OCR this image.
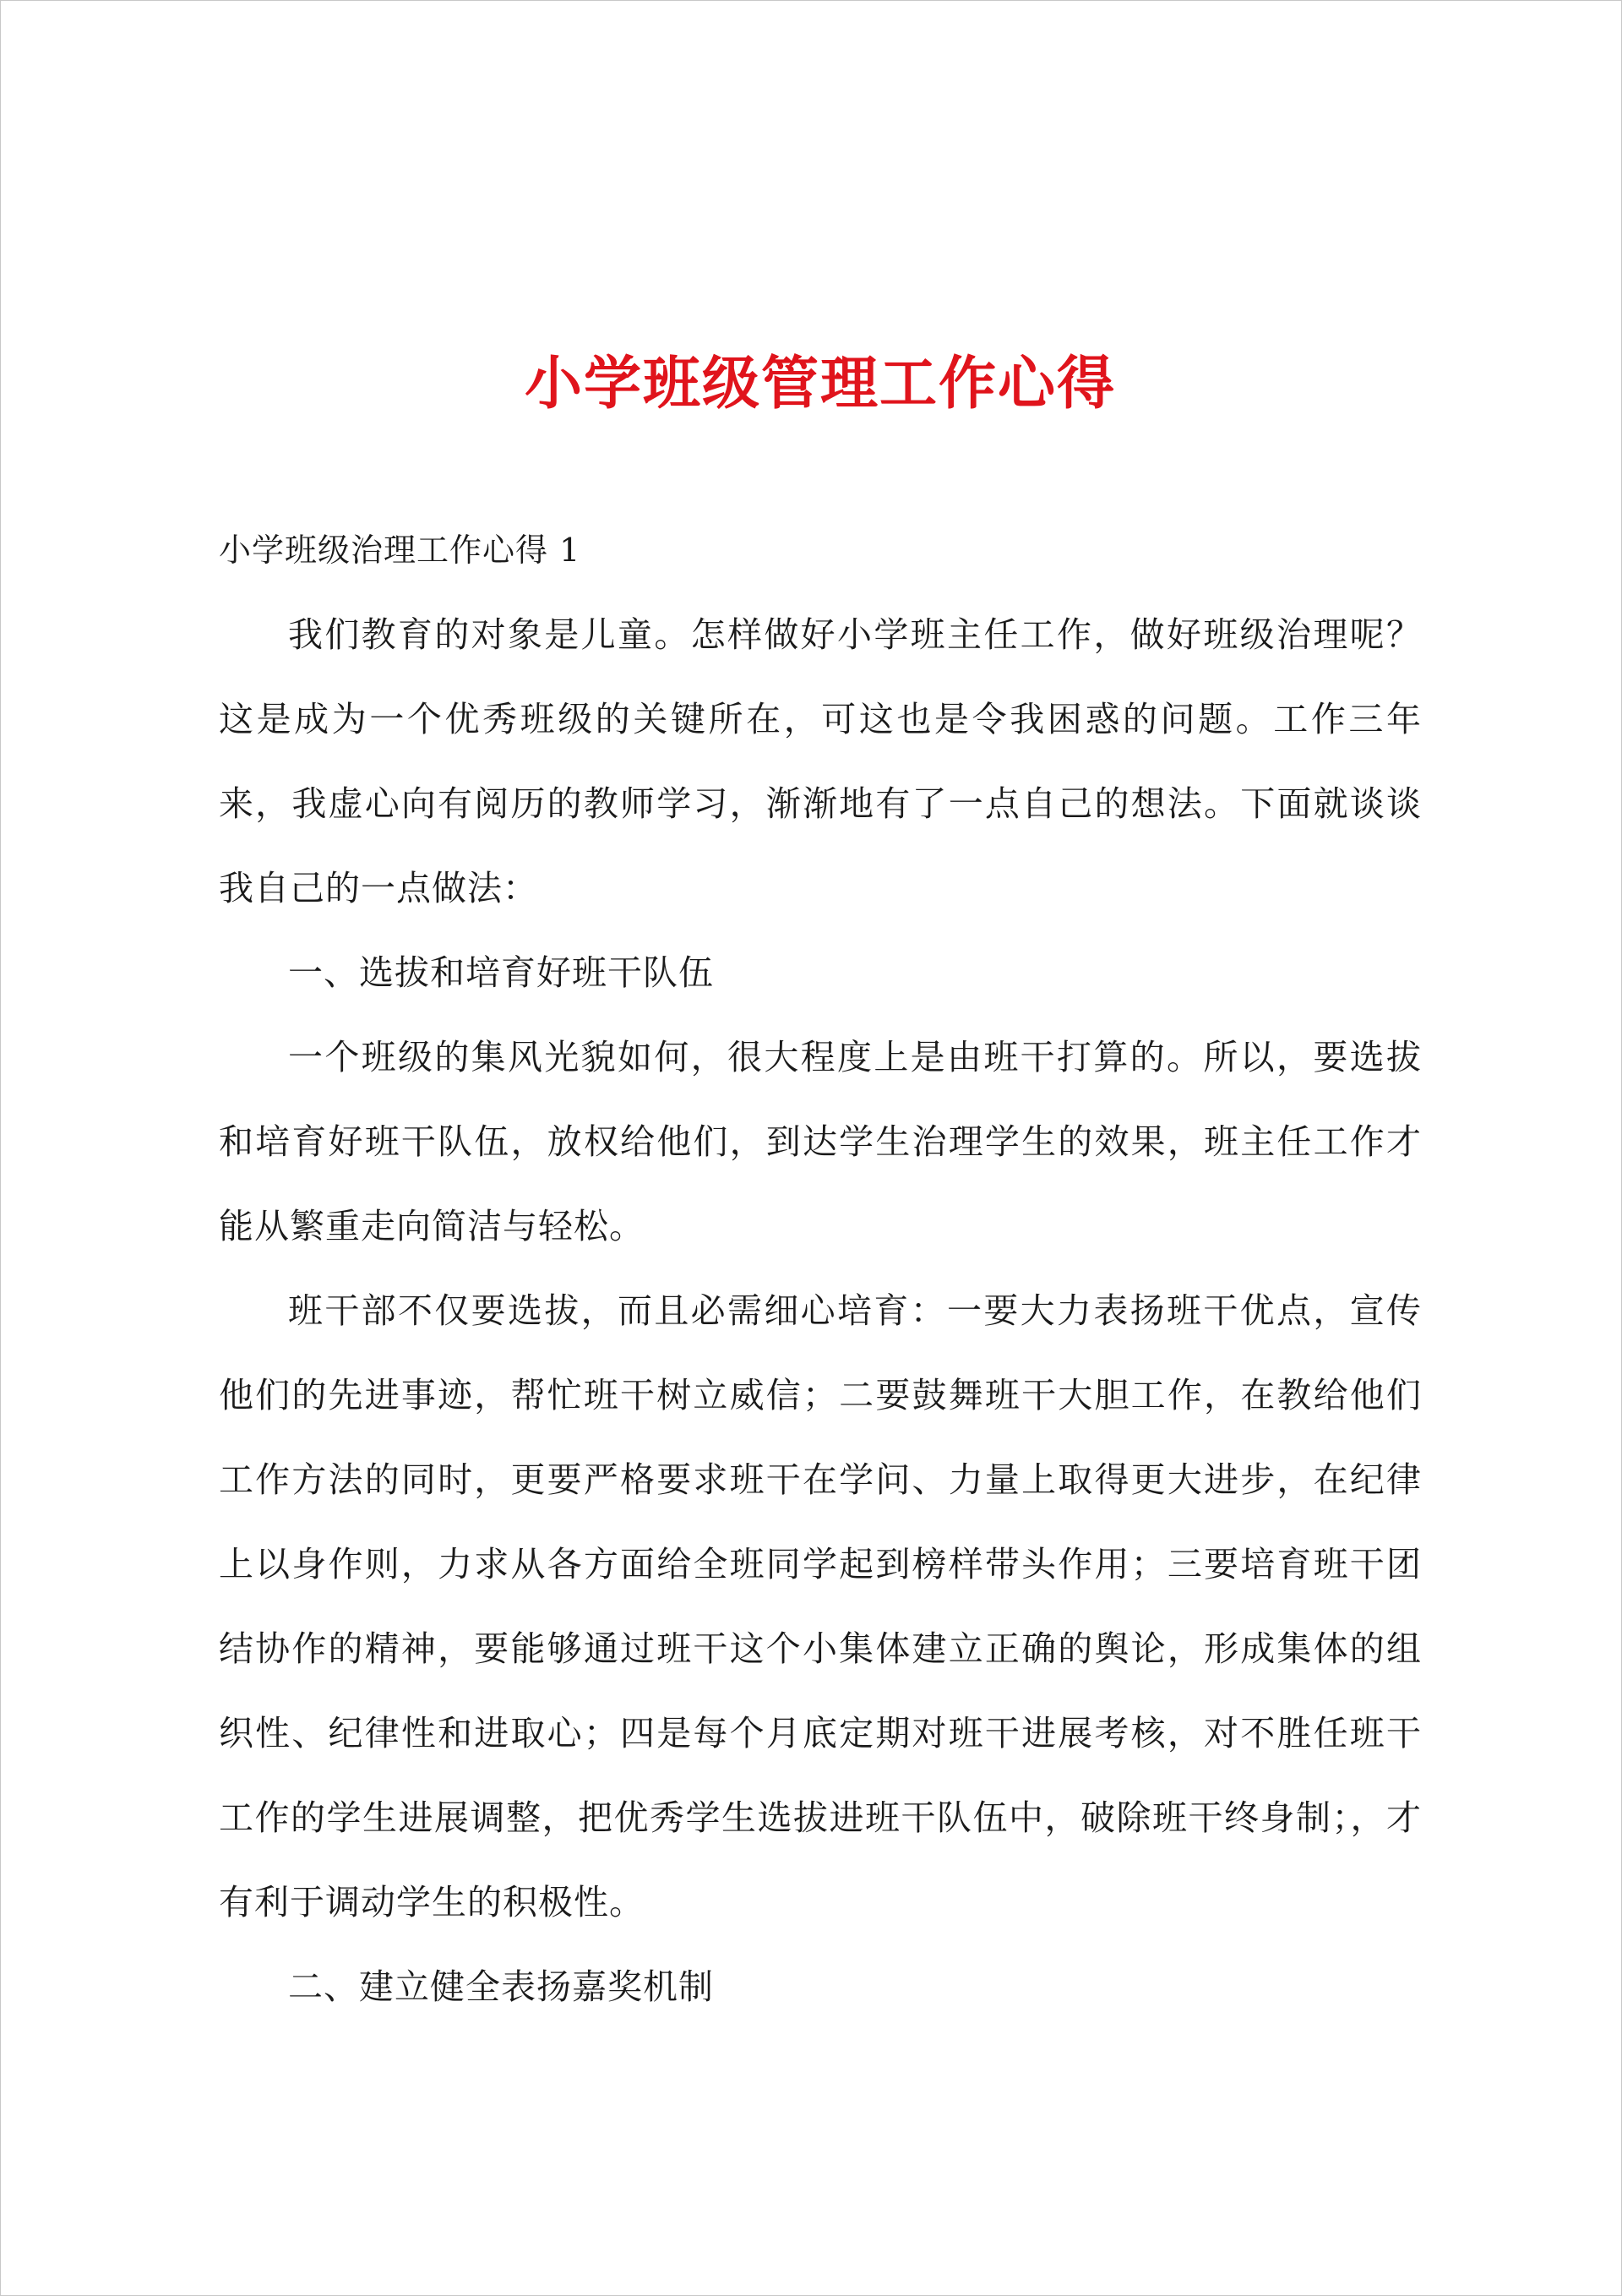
小学班级管理工作心得
小学班级治理工作心得 1

我们教育的对象是儿童。怎样做好小学班主任工作，做好班级治理呢？这是成为一个优秀班级的关键所在，可这也是令我困惑的问题。工作三年来，我虚心向有阅历的教师学习，渐渐地有了一点自己的想法。下面就谈谈我自己的一点做法：

一、选拔和培育好班干队伍

一个班级的集风光貌如何，很大程度上是由班干打算的。所以，要选拔和培育好班干队伍，放权给他们，到达学生治理学生的效果，班主任工作才能从繁重走向简洁与轻松。

班干部不仅要选拔，而且必需细心培育：一要大力表扬班干优点，宣传他们的先进事迹，帮忙班干树立威信；二要鼓舞班干大胆工作，在教给他们工作方法的同时，更要严格要求班干在学问、力量上取得更大进步，在纪律上以身作则，力求从各方面给全班同学起到榜样带头作用；三要培育班干团结协作的精神，要能够通过班干这个小集体建立正确的舆论，形成集体的组织性、纪律性和进取心；四是每个月底定期对班干进展考核，对不胜任班干工作的学生进展调整，把优秀学生选拔进班干队伍中，破除班干终身制；，才有利于调动学生的积极性。

二、建立健全表扬嘉奖机制
